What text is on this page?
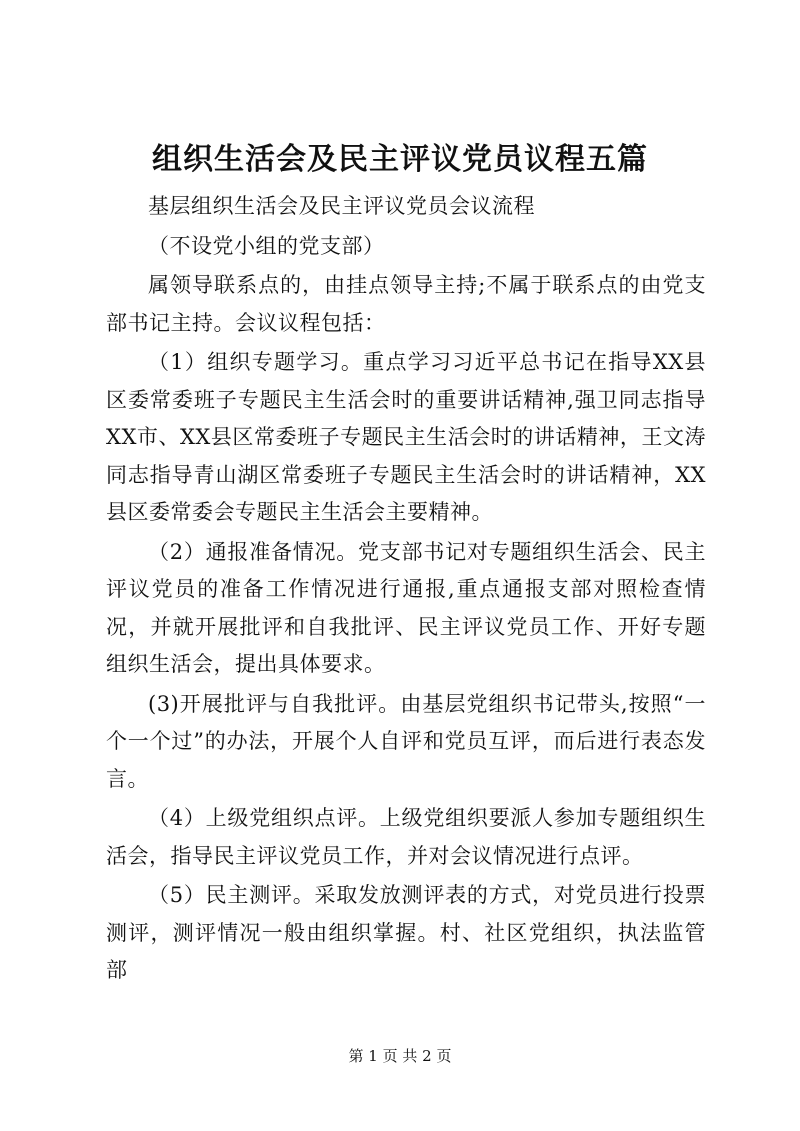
组织生活会及民主评议党员议程五篇

基层组织生活会及民主评议党员会议流程

（不设党小组的党支部）

属领导联系点的，由挂点领导主持;不属于联系点的由党支部书记主持。会议议程包括：

（1）组织专题学习。重点学习习近平总书记在指导XX县区委常委班子专题民主生活会时的重要讲话精神,强卫同志指导XX市、XX县区常委班子专题民主生活会时的讲话精神，王文涛同志指导青山湖区常委班子专题民主生活会时的讲话精神，XX县区委常委会专题民主生活会主要精神。

（2）通报准备情况。党支部书记对专题组织生活会、民主评议党员的准备工作情况进行通报,重点通报支部对照检查情况，并就开展批评和自我批评、民主评议党员工作、开好专题组织生活会，提出具体要求。

(3)开展批评与自我批评。由基层党组织书记带头,按照“一个一个过”的办法，开展个人自评和党员互评，而后进行表态发言。

（4）上级党组织点评。上级党组织要派人参加专题组织生活会，指导民主评议党员工作，并对会议情况进行点评。

（5）民主测评。采取发放测评表的方式，对党员进行投票测评，测评情况一般由组织掌握。村、社区党组织，执法监管部

第 1 页 共 2 页
